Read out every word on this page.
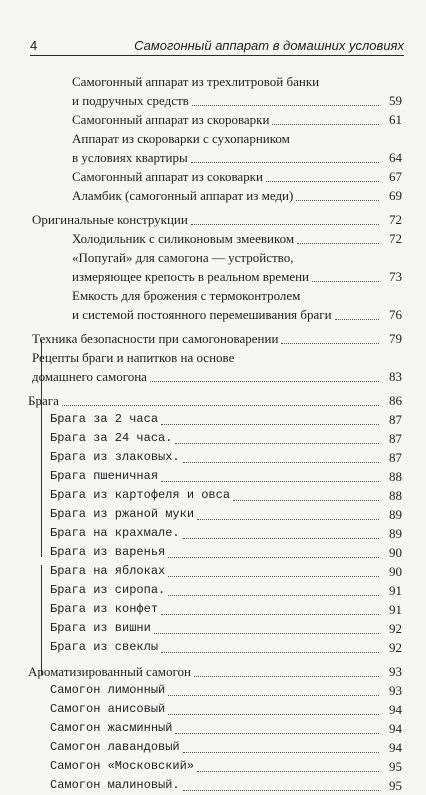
4	Самогонный аппарат в домашних условиях
Самогонный аппарат из трехлитровой банки
и подручных средств	59
Самогонный аппарат из скороварки	61
Аппарат из скороварки с сухопарником
в условиях квартиры	64
Самогонный аппарат из соковарки	67
Аламбик (самогонный аппарат из меди)	69
Оригинальные конструкции	72
Холодильник с силиконовым змеевиком	72
«Попугай» для самогона — устройство,
измеряющее крепость в реальном времени	73
Емкость для брожения с термоконтролем
и системой постоянного перемешивания браги	76
Техника безопасности при самогоноварении	79
Рецепты браги и напитков на основе
домашнего самогона	83
Брага	86
Брага за 2 часа	87
Брага за 24 часа.	87
Брага из злаковых.	87
Брага пшеничная	88
Брага из картофеля и овса	88
Брага из ржаной муки	89
Брага на крахмале.	89
Брага из варенья	90
Брага на яблоках	90
Брага из сиропа.	91
Брага из конфет	91
Брага из вишни	92
Брага из свеклы	92
Ароматизированный самогон	93
Самогон лимонный	93
Самогон анисовый	94
Самогон жасминный	94
Самогон лавандовый	94
Самогон «Московский»	95
Самогон малиновый.	95
